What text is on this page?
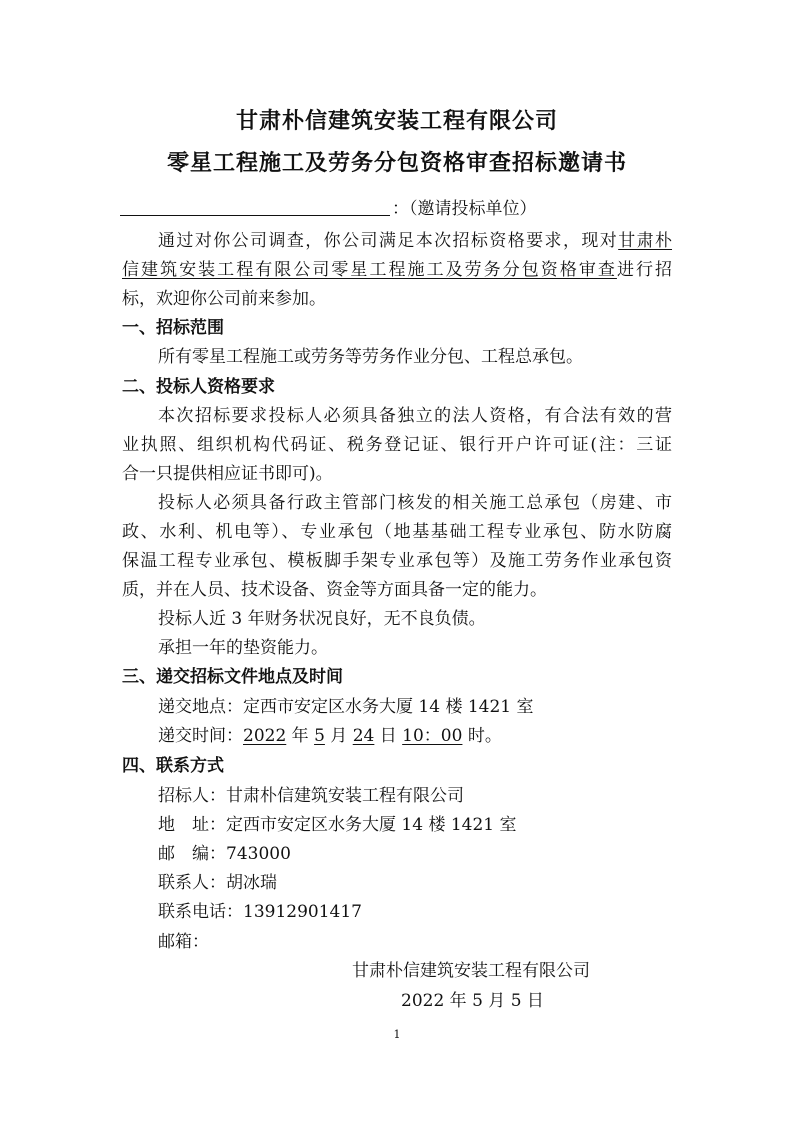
甘肃朴信建筑安装工程有限公司
零星工程施工及劳务分包资格审查招标邀请书
：（邀请投标单位）
通过对你公司调查，你公司满足本次招标资格要求，现对甘肃朴
信建筑安装工程有限公司零星工程施工及劳务分包资格审查进行招
标，欢迎你公司前来参加。
一、招标范围
所有零星工程施工或劳务等劳务作业分包、工程总承包。
二、投标人资格要求
本次招标要求投标人必须具备独立的法人资格，有合法有效的营
业执照、组织机构代码证、税务登记证、银行开户许可证(注：三证
合一只提供相应证书即可)。
投标人必须具备行政主管部门核发的相关施工总承包（房建、市
政、水利、机电等）、专业承包（地基基础工程专业承包、防水防腐
保温工程专业承包、模板脚手架专业承包等）及施工劳务作业承包资
质，并在人员、技术设备、资金等方面具备一定的能力。
投标人近 3 年财务状况良好，无不良负债。
承担一年的垫资能力。
三、递交招标文件地点及时间
递交地点：定西市安定区水务大厦 14 楼 1421 室
递交时间：2022 年 5 月 24 日 10：00 时。
四、联系方式
招标人：甘肃朴信建筑安装工程有限公司
地　址：定西市安定区水务大厦 14 楼 1421 室
邮　编：743000
联系人：胡冰瑞
联系电话：13912901417
邮箱：
甘肃朴信建筑安装工程有限公司
2022 年 5 月 5 日
1
